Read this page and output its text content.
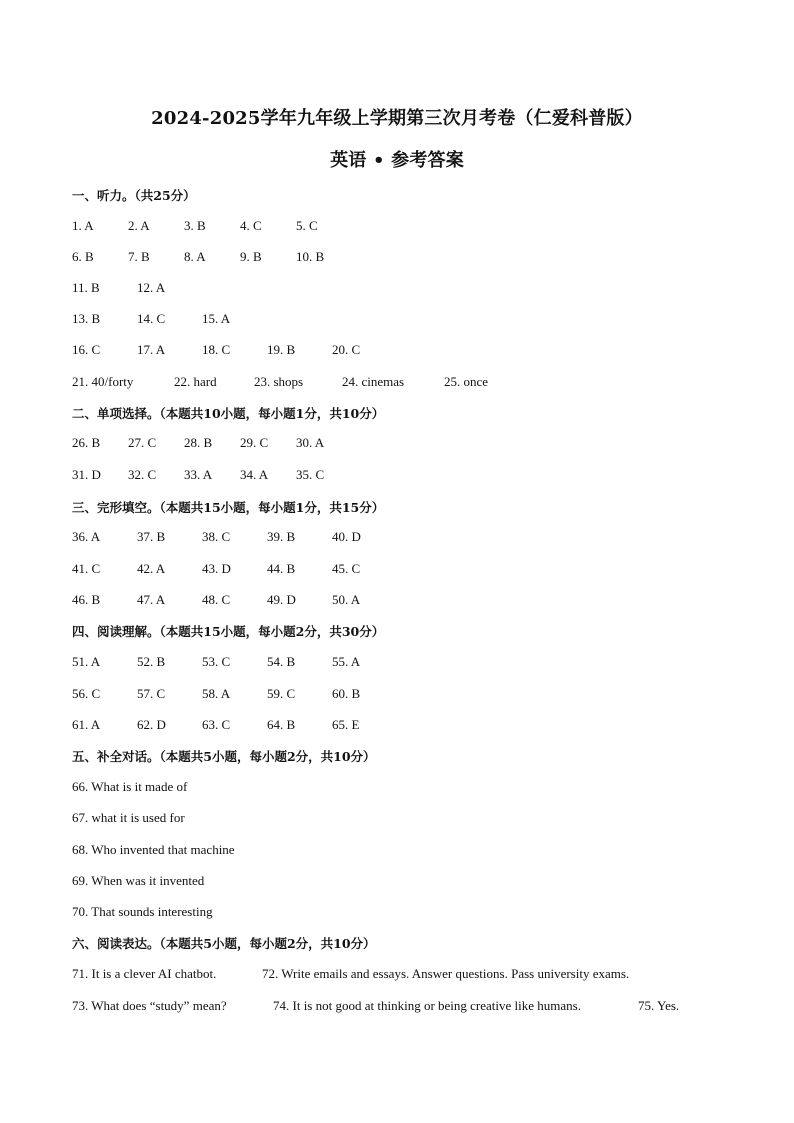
2024-2025学年九年级上学期第三次月考卷（仁爱科普版）
英语 • 参考答案
一、听力。（共25分）
1. A	2. A	3. B	4. C	5. C
6. B	7. B	8. A	9. B	10. B
11. B	12. A
13. B	14. C	15. A
16. C	17. A	18. C	19. B	20. C
21. 40/forty	22. hard	23. shops	24. cinemas	25. once
二、单项选择。（本题共10小题，每小题1分，共10分）
26. B 27. C 28. B 29. C 30. A
31. D 32. C 33. A 34. A 35. C
三、完形填空。（本题共15小题，每小题1分，共15分）
36. A	37. B	38. C	39. B	40. D
41. C	42. A	43. D	44. B	45. C
46. B	47. A	48. C	49. D	50. A
四、阅读理解。（本题共15小题，每小题2分，共30分）
51. A	52. B	53. C	54. B	55. A
56. C	57. C	58. A	59. C	60. B
61. A	62. D	63. C	64. B	65. E
五、补全对话。（本题共5小题，每小题2分，共10分）
66. What is it made of
67. what it is used for
68. Who invented that machine
69. When was it invented
70. That sounds interesting
六、阅读表达。（本题共5小题，每小题2分，共10分）
71. It is a clever AI chatbot.	72. Write emails and essays. Answer questions. Pass university exams.
73. What does “study” mean?	74. It is not good at thinking or being creative like humans.	75. Yes.
